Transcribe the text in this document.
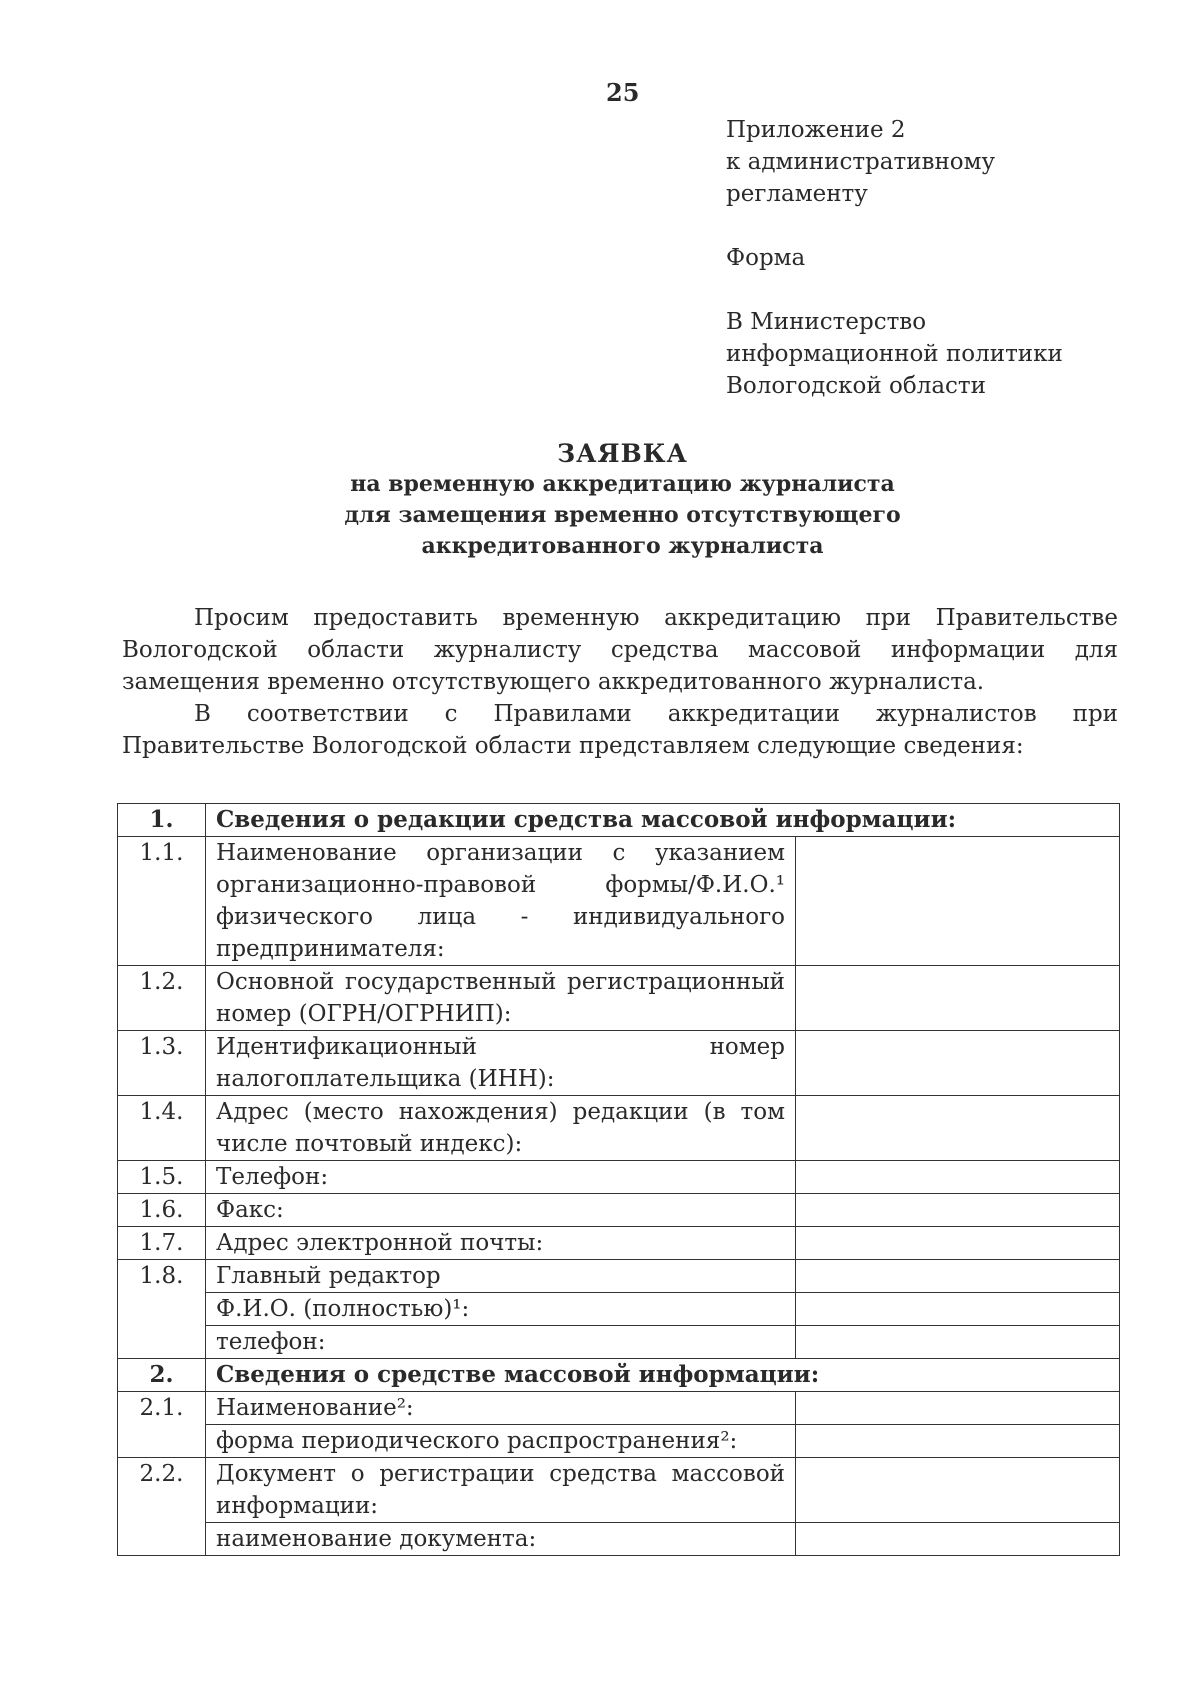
25
Приложение 2
к административному
регламенту
Форма
В Министерство
информационной политики
Вологодской области
ЗАЯВКА
на временную аккредитацию журналиста
для замещения временно отсутствующего
аккредитованного журналиста

Просим предоставить временную аккредитацию при Правительстве Вологодской области журналисту средства массовой информации для замещения временно отсутствующего аккредитованного журналиста.

В соответствии с Правилами аккредитации журналистов при Правительстве Вологодской области представляем следующие сведения:

1.	Сведения о редакции средства массовой информации:	
1.1.	Наименование организации с указанием организационно-правовой формы/Ф.И.О.¹ физического лица - индивидуального предпринимателя:	
1.2.	Основной государственный регистрационный номер (ОГРН/ОГРНИП):	
1.3.	Идентификационный номер налогоплательщика (ИНН):	
1.4.	Адрес (место нахождения) редакции (в том числе почтовый индекс):	
1.5.	Телефон:	
1.6.	Факс:	
1.7.	Адрес электронной почты:	
1.8.	Главный редактор	
	Ф.И.О. (полностью)¹:	
	телефон:	
2.	Сведения о средстве массовой информации:	
2.1.	Наименование²:	
	форма периодического распространения²:	
2.2.	Документ о регистрации средства массовой информации:	
	наименование документа:	
